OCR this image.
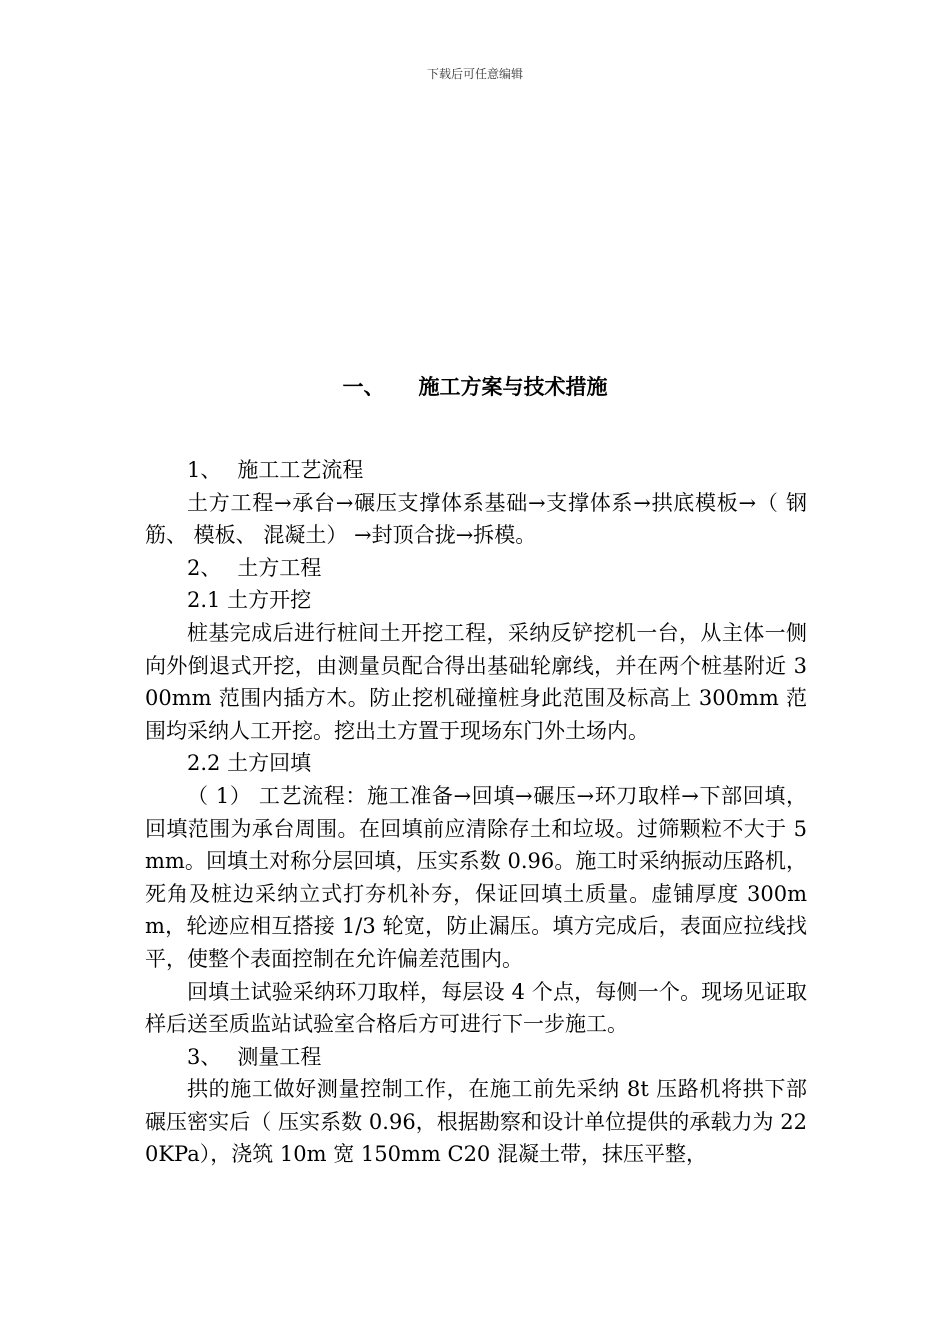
下载后可任意编辑
一、 施工方案与技术措施

1、 施工工艺流程

土方工程→承台→碾压支撑体系基础→支撑体系→拱底模板→（ 钢筋、 模板、 混凝土） →封顶合拢→拆模。

2、 土方工程

2.1 土方开挖

桩基完成后进行桩间土开挖工程，采纳反铲挖机一台，从主体一侧向外倒退式开挖，由测量员配合得出基础轮廓线，并在两个桩基附近 300mm 范围内插方木。防止挖机碰撞桩身此范围及标高上 300mm 范围均采纳人工开挖。挖出土方置于现场东门外土场内。

2.2 土方回填

（ 1） 工艺流程：施工准备→回填→碾压→环刀取样→下部回填，回填范围为承台周围。在回填前应清除存土和垃圾。过筛颗粒不大于 5mm。回填土对称分层回填，压实系数 0.96。施工时采纳振动压路机，死角及桩边采纳立式打夯机补夯，保证回填土质量。虚铺厚度 300mm，轮迹应相互搭接 1/3 轮宽，防止漏压。填方完成后，表面应拉线找平，使整个表面控制在允许偏差范围内。

回填土试验采纳环刀取样，每层设 4 个点，每侧一个。现场见证取样后送至质监站试验室合格后方可进行下一步施工。

3、 测量工程

拱的施工做好测量控制工作，在施工前先采纳 8t 压路机将拱下部碾压密实后（ 压实系数 0.96，根据勘察和设计单位提供的承载力为 220KPa），浇筑 10m 宽 150mm C20 混凝土带，抹压平整，
